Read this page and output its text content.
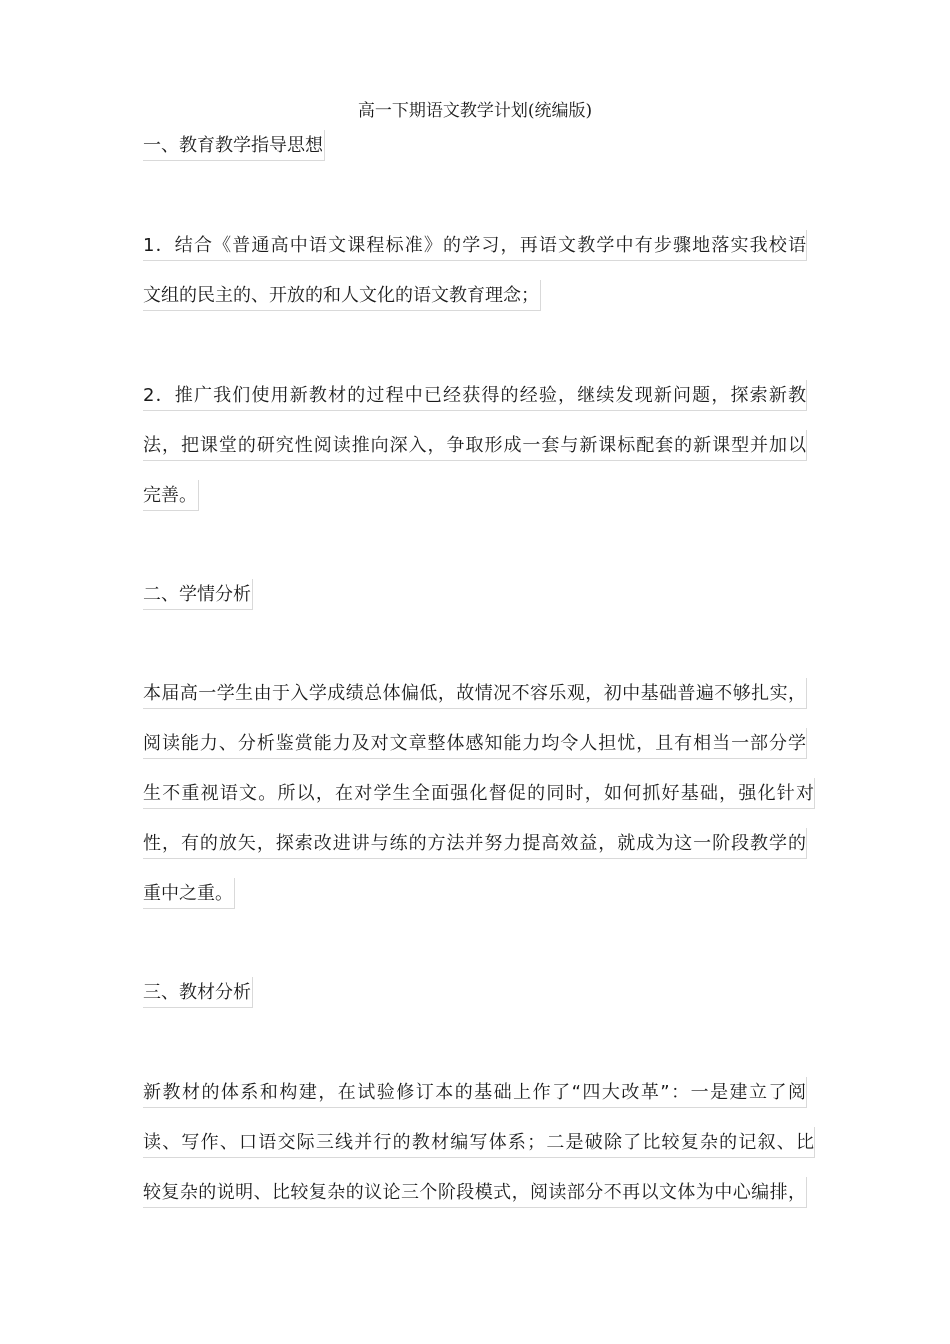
高一下期语文教学计划(统编版)
一、教育教学指导思想
1．结合《普通高中语文课程标准》的学习，再语文教学中有步骤地落实我校语
文组的民主的、开放的和人文化的语文教育理念；
2．推广我们使用新教材的过程中已经获得的经验，继续发现新问题，探索新教
法，把课堂的研究性阅读推向深入，争取形成一套与新课标配套的新课型并加以
完善。
二、学情分析
本届高一学生由于入学成绩总体偏低，故情况不容乐观，初中基础普遍不够扎实，
阅读能力、分析鉴赏能力及对文章整体感知能力均令人担忧，且有相当一部分学
生不重视语文。所以，在对学生全面强化督促的同时，如何抓好基础，强化针对
性，有的放矢，探索改进讲与练的方法并努力提高效益，就成为这一阶段教学的
重中之重。
三、教材分析
新教材的体系和构建，在试验修订本的基础上作了“四大改革”：一是建立了阅
读、写作、口语交际三线并行的教材编写体系；二是破除了比较复杂的记叙、比
较复杂的说明、比较复杂的议论三个阶段模式，阅读部分不再以文体为中心编排，
